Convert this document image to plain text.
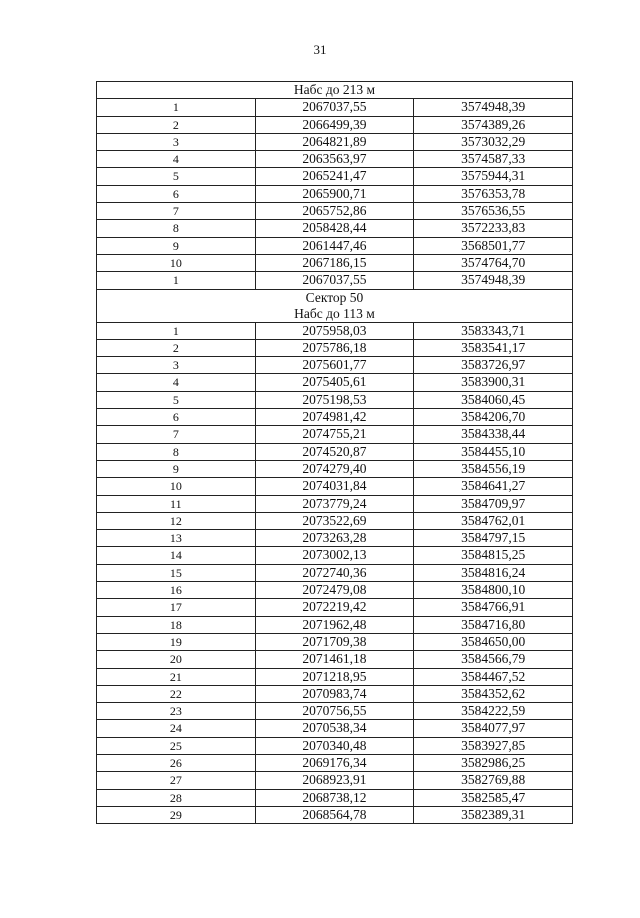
31
Набс до 213 м		

1	2067037,55	3574948,39
2	2066499,39	3574389,26
3	2064821,89	3573032,29
4	2063563,97	3574587,33
5	2065241,47	3575944,31
6	2065900,71	3576353,78
7	2065752,86	3576536,55
8	2058428,44	3572233,83
9	2061447,46	3568501,77
10	2067186,15	3574764,70
1	2067037,55	3574948,39

Сектор 50
Набс до 113 м		

1	2075958,03	3583343,71
2	2075786,18	3583541,17
3	2075601,77	3583726,97
4	2075405,61	3583900,31
5	2075198,53	3584060,45
6	2074981,42	3584206,70
7	2074755,21	3584338,44
8	2074520,87	3584455,10
9	2074279,40	3584556,19
10	2074031,84	3584641,27
11	2073779,24	3584709,97
12	2073522,69	3584762,01
13	2073263,28	3584797,15
14	2073002,13	3584815,25
15	2072740,36	3584816,24
16	2072479,08	3584800,10
17	2072219,42	3584766,91
18	2071962,48	3584716,80
19	2071709,38	3584650,00
20	2071461,18	3584566,79
21	2071218,95	3584467,52
22	2070983,74	3584352,62
23	2070756,55	3584222,59
24	2070538,34	3584077,97
25	2070340,48	3583927,85
26	2069176,34	3582986,25
27	2068923,91	3582769,88
28	2068738,12	3582585,47
29	2068564,78	3582389,31
